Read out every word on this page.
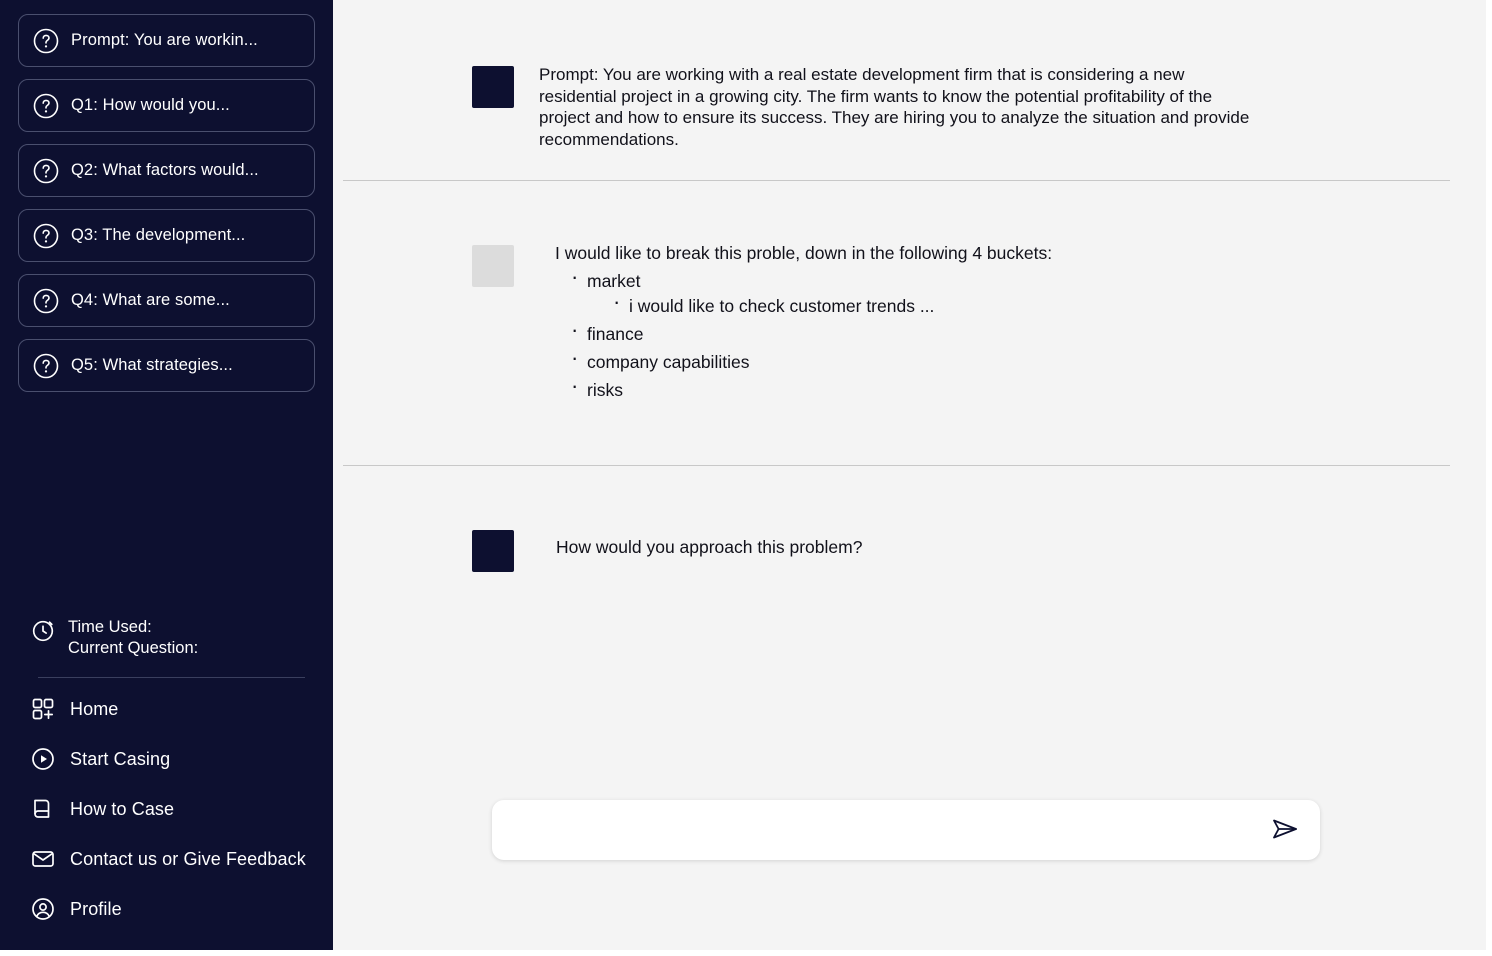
Prompt: You are workin...
Q1: How would you...
Q2: What factors would...
Q3: The development...
Q4: What are some...
Q5: What strategies...
Time Used:
Current Question:
Home
Start Casing
How to Case
Contact us or Give Feedback
Profile
Prompt: You are working with a real estate development firm that is considering a new residential project in a growing city. The firm wants to know the potential profitability of the project and how to ensure its success. They are hiring you to analyze the situation and provide recommendations.
I would like to break this proble, down in the following 4 buckets:
· market
· i would like to check customer trends ...
· finance
· company capabilities
· risks
How would you approach this problem?
